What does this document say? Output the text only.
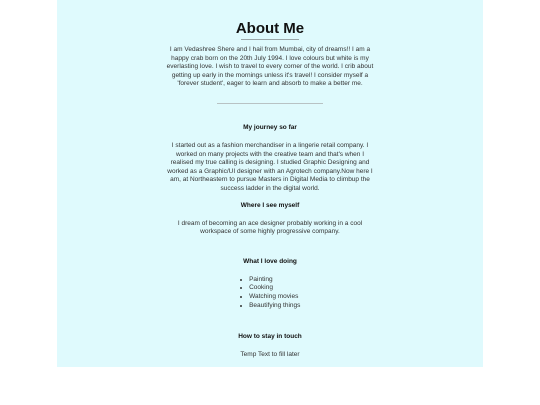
About Me

I am Vedashree Shere and I hail from Mumbai, city of dreams!! I am a happy crab born on the 20th July 1994. I love colours but white is my everlasting love. I wish to travel to every corner of the world. I crib about getting up early in the mornings unless it's travel! I consider myself a 'forever student', eager to learn and absorb to make a better me.

My journey so far

I started out as a fashion merchandiser in a lingerie retail company. I worked on many projects with the creative team and that's when I realised my true calling is designing. I studied Graphic Designing and worked as a Graphic/UI designer with an Agrotech company.Now here I am, at Northeastern to pursue Masters in Digital Media to climbup the success ladder in the digital world.

Where I see myself

I dream of becoming an ace designer probably working in a cool workspace of some highly progressive company.

What I love doing
• Painting
• Cooking
• Watching movies
• Beautifying things
How to stay in touch

Temp Text to fill later
